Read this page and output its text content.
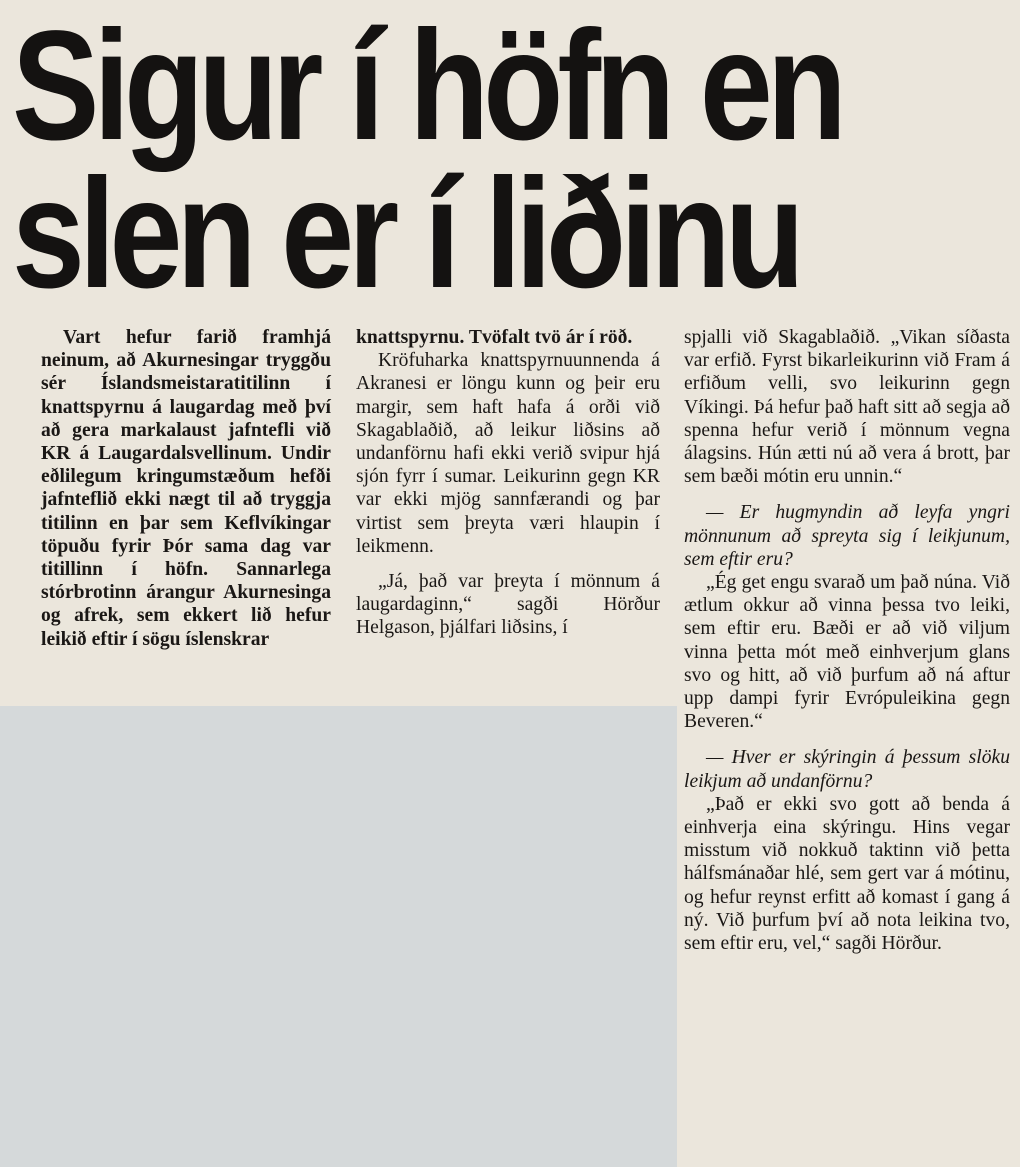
Sigur í höfn en
slen er í liðinu

Vart hefur farið framhjá neinum, að Akurnesingar tryggðu sér Íslandsmeistaratitilinn í knattspyrnu á laugardag með því að gera markalaust jafntefli við KR á Laugardalsvellinum. Undir eðlilegum kringumstæðum hefði jafnteflið ekki nægt til að tryggja titilinn en þar sem Keflvíkingar töpuðu fyrir Þór sama dag var titillinn í höfn. Sannarlega stórbrotinn árangur Akurnesinga og afrek, sem ekkert lið hefur leikið eftir í sögu íslenskrar

knattspyrnu. Tvöfalt tvö ár í röð.

Kröfuharka knattspyrnuunnenda á Akranesi er löngu kunn og þeir eru margir, sem haft hafa á orði við Skagablaðið, að leikur liðsins að undanförnu hafi ekki verið svipur hjá sjón fyrr í sumar. Leikurinn gegn KR var ekki mjög sannfærandi og þar virtist sem þreyta væri hlaupin í leikmenn.

„Já, það var þreyta í mönnum á laugardaginn,“ sagði Hörður Helgason, þjálfari liðsins, í

spjalli við Skagablaðið. „Vikan síðasta var erfið. Fyrst bikarleikurinn við Fram á erfiðum velli, svo leikurinn gegn Víkingi. Þá hefur það haft sitt að segja að spenna hefur verið í mönnum vegna álagsins. Hún ætti nú að vera á brott, þar sem bæði mótin eru unnin.“

— Er hugmyndin að leyfa yngri mönnunum að spreyta sig í leikjunum, sem eftir eru?

„Ég get engu svarað um það núna. Við ætlum okkur að vinna þessa tvo leiki, sem eftir eru. Bæði er að við viljum vinna þetta mót með einhverjum glans svo og hitt, að við þurfum að ná aftur upp dampi fyrir Evrópuleikina gegn Beveren.“

— Hver er skýringin á þessum slöku leikjum að undanförnu?

„Það er ekki svo gott að benda á einhverja eina skýringu. Hins vegar misstum við nokkuð taktinn við þetta hálfsmánaðar hlé, sem gert var á mótinu, og hefur reynst erfitt að komast í gang á ný. Við þurfum því að nota leikina tvo, sem eftir eru, vel,“ sagði Hörður.
